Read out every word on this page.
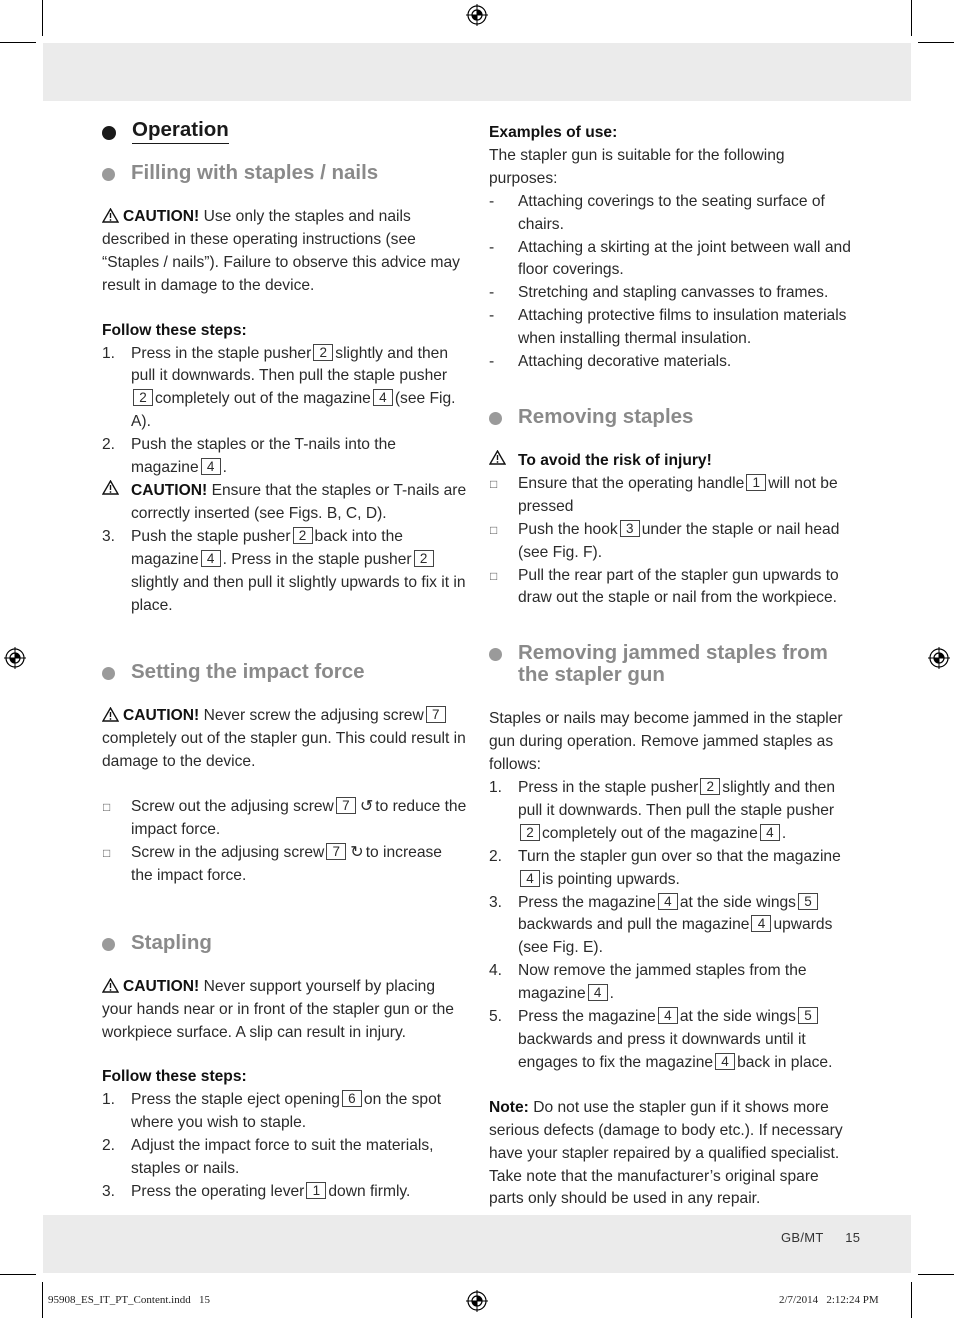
Operation
Filling with staples / nails

CAUTION! Use only the staples and nails described in these operating instructions (see “Staples / nails”). Failure to observe this advice may result in damage to the device.

Follow these steps:

1. Press in the staple pusher 2 slightly and then pull it downwards. Then pull the staple pusher2 completely out of the magazine 4 (see Fig. A).
2. Push the staples or the T-nails into the magazine 4 .
CAUTION! Ensure that the staples or T-nails are correctly inserted (see Figs. B, C, D).
3. Push the staple pusher 2 back into the magazine 4 . Press in the staple pusher 2slightly and then pull it slightly upwards to fix it in place.
Setting the impact force

CAUTION! Never screw the adjusing screw 7 completely out of the stapler gun. This could result in damage to the device.

□ Screw out the adjusing screw 7 ↺ to reduce the impact force.
□ Screw in the adjusing screw 7 ↻ to increase the impact force.
Stapling

CAUTION! Never support yourself by placing your hands near or in front of the stapler gun or the workpiece surface. A slip can result in injury.

Follow these steps:

1. Press the staple eject opening 6 on the spot where you wish to staple.
2. Adjust the impact force to suit the materials, staples or nails.
3. Press the operating lever 1 down firmly.

Examples of use:

The stapler gun is suitable for the following purposes:

- Attaching coverings to the seating surface of chairs.
- Attaching a skirting at the joint between wall and floor coverings.
- Stretching and stapling canvasses to frames.
- Attaching protective films to insulation materials when installing thermal insulation.
- Attaching decorative materials.
Removing staples
To avoid the risk of injury!
□ Ensure that the operating handle 1 will not be pressed
□ Push the hook 3 under the staple or nail head (see Fig. F).
□ Pull the rear part of the stapler gun upwards to draw out the staple or nail from the workpiece.
Removing jammed staples from the stapler gun

Staples or nails may become jammed in the stapler gun during operation. Remove jammed staples as follows:

1. Press in the staple pusher 2 slightly and then pull it downwards. Then pull the staple pusher2 completely out of the magazine 4 .
2. Turn the stapler gun over so that the magazine4 is pointing upwards.
3. Press the magazine 4 at the side wings 5backwards and pull the magazine 4 upwards (see Fig. E).
4. Now remove the jammed staples from the magazine 4 .
5. Press the magazine 4 at the side wings 5backwards and press it downwards until it engages to fix the magazine 4 back in place.

Note: Do not use the stapler gun if it shows more serious defects (damage to body etc.). If necessary have your stapler repaired by a qualified specialist. Take note that the manufacturer’s original spare parts only should be used in any repair.

GB/MT 15
95908_ES_IT_PT_Content.indd   15	2/7/2014   2:12:24 PM
